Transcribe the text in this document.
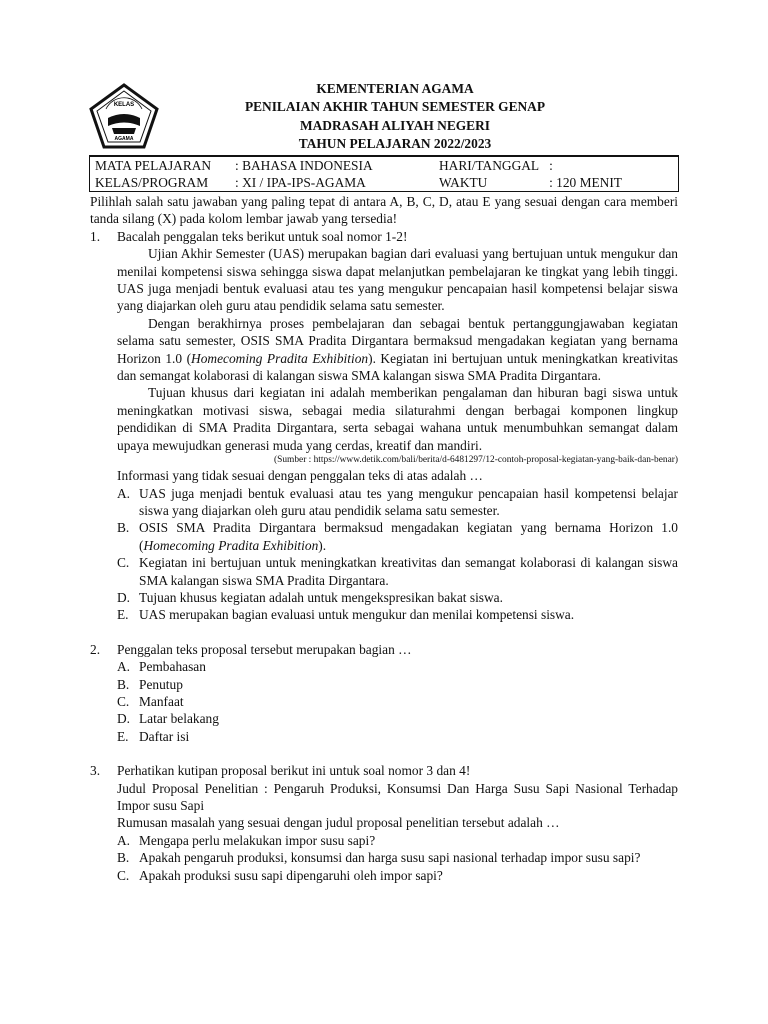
KELAS
AGAMA
KEMENTERIAN AGAMA
PENILAIAN AKHIR TAHUN SEMESTER GENAP
MADRASAH ALIYAH NEGERI
TAHUN PELAJARAN 2022/2023
MATA PELAJARAN	: BAHASA INDONESIA	HARI/TANGGAL	:
KELAS/PROGRAM	: XI / IPA-IPS-AGAMA	WAKTU	: 120 MENIT
Pilihlah salah satu jawaban yang paling tepat di antara A, B, C, D, atau E yang sesuai dengan cara memberi tanda silang (X) pada kolom lembar jawab yang tersedia!
1. Bacalah penggalan teks berikut untuk soal nomor 1-2!
Ujian Akhir Semester (UAS) merupakan bagian dari evaluasi yang bertujuan untuk mengukur dan menilai kompetensi siswa sehingga siswa dapat melanjutkan pembelajaran ke tingkat yang lebih tinggi. UAS juga menjadi bentuk evaluasi atau tes yang mengukur pencapaian hasil kompetensi belajar siswa yang diajarkan oleh guru atau pendidik selama satu semester.
Dengan berakhirnya proses pembelajaran dan sebagai bentuk pertanggungjawaban kegiatan selama satu semester, OSIS SMA Pradita Dirgantara bermaksud mengadakan kegiatan yang bernama Horizon 1.0 (Homecoming Pradita Exhibition). Kegiatan ini bertujuan untuk meningkatkan kreativitas dan semangat kolaborasi di kalangan siswa SMA kalangan siswa SMA Pradita Dirgantara.
Tujuan khusus dari kegiatan ini adalah memberikan pengalaman dan hiburan bagi siswa untuk meningkatkan motivasi siswa, sebagai media silaturahmi dengan berbagai komponen lingkup pendidikan di SMA Pradita Dirgantara, serta sebagai wahana untuk menumbuhkan semangat dalam upaya mewujudkan generasi muda yang cerdas, kreatif dan mandiri.
(Sumber : https://www.detik.com/bali/berita/d-6481297/12-contoh-proposal-kegiatan-yang-baik-dan-benar)
Informasi yang tidak sesuai dengan penggalan teks di atas adalah …
A. UAS juga menjadi bentuk evaluasi atau tes yang mengukur pencapaian hasil kompetensi belajar siswa yang diajarkan oleh guru atau pendidik selama satu semester.
B. OSIS SMA Pradita Dirgantara bermaksud mengadakan kegiatan yang bernama Horizon 1.0 (Homecoming Pradita Exhibition).
C. Kegiatan ini bertujuan untuk meningkatkan kreativitas dan semangat kolaborasi di kalangan siswa SMA kalangan siswa SMA Pradita Dirgantara.
D. Tujuan khusus kegiatan adalah untuk mengekspresikan bakat siswa.
E. UAS merupakan bagian evaluasi untuk mengukur dan menilai kompetensi siswa.
2. Penggalan teks proposal tersebut merupakan bagian …
A. Pembahasan
B. Penutup
C. Manfaat
D. Latar belakang
E. Daftar isi
3. Perhatikan kutipan proposal berikut ini untuk soal nomor 3 dan 4!
Judul Proposal Penelitian : Pengaruh Produksi, Konsumsi Dan Harga Susu Sapi Nasional Terhadap Impor susu Sapi
Rumusan masalah yang sesuai dengan judul proposal penelitian tersebut adalah …
A. Mengapa perlu melakukan impor susu sapi?
B. Apakah pengaruh produksi, konsumsi dan harga susu sapi nasional terhadap impor susu sapi?
C. Apakah produksi susu sapi dipengaruhi oleh impor sapi?
